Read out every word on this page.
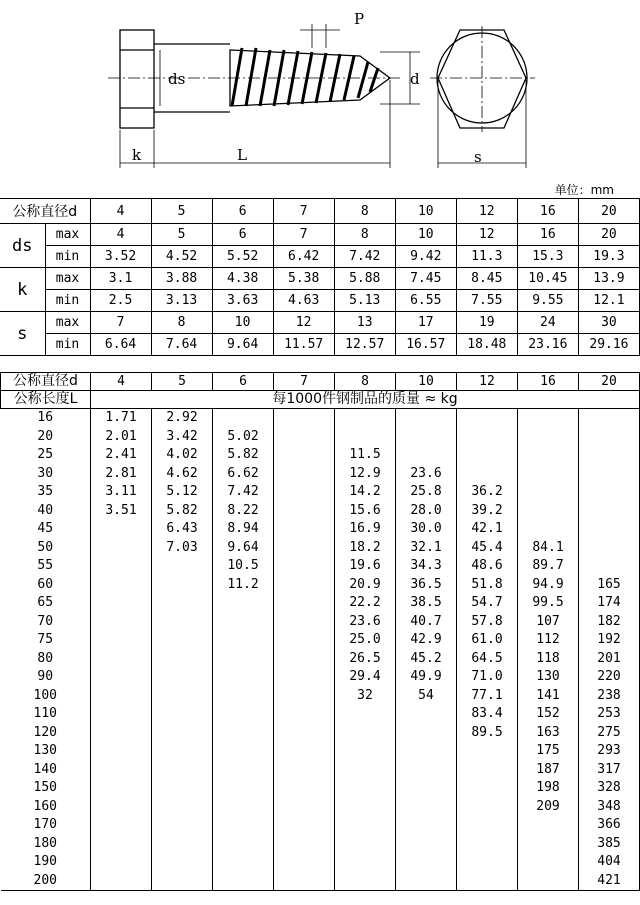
P
ds	d
k	L	s
单位：mm
公称直径d		4	5	6	7	8	10	12	16	20
ds	max	4	5	6	7	8	10	12	16	20
	min	3.52	4.52	5.52	6.42	7.42	9.42	11.3	15.3	19.3
k	max	3.1	3.88	4.38	5.38	5.88	7.45	8.45	10.45	13.9
	min	2.5	3.13	3.63	4.63	5.13	6.55	7.55	9.55	12.1
s	max	7	8	10	12	13	17	19	24	30
	min	6.64	7.64	9.64	11.57	12.57	16.57	18.48	23.16	29.16
公称直径d	4	5	6	7	8	10	12	16	20
公称长度L	每1000件钢制品的质量 ≈ kg								
16	1.71	2.92							
20	2.01	3.42	5.02						
25	2.41	4.02	5.82		11.5				
30	2.81	4.62	6.62		12.9	23.6			
35	3.11	5.12	7.42		14.2	25.8	36.2		
40	3.51	5.82	8.22		15.6	28.0	39.2		
45		6.43	8.94		16.9	30.0	42.1		
50		7.03	9.64		18.2	32.1	45.4	84.1	
55			10.5		19.6	34.3	48.6	89.7	
60			11.2		20.9	36.5	51.8	94.9	165
65					22.2	38.5	54.7	99.5	174
70					23.6	40.7	57.8	107	182
75					25.0	42.9	61.0	112	192
80					26.5	45.2	64.5	118	201
90					29.4	49.9	71.0	130	220
100					32	54	77.1	141	238
110							83.4	152	253
120							89.5	163	275
130								175	293
140								187	317
150								198	328
160								209	348
170									366
180									385
190									404
200									421
